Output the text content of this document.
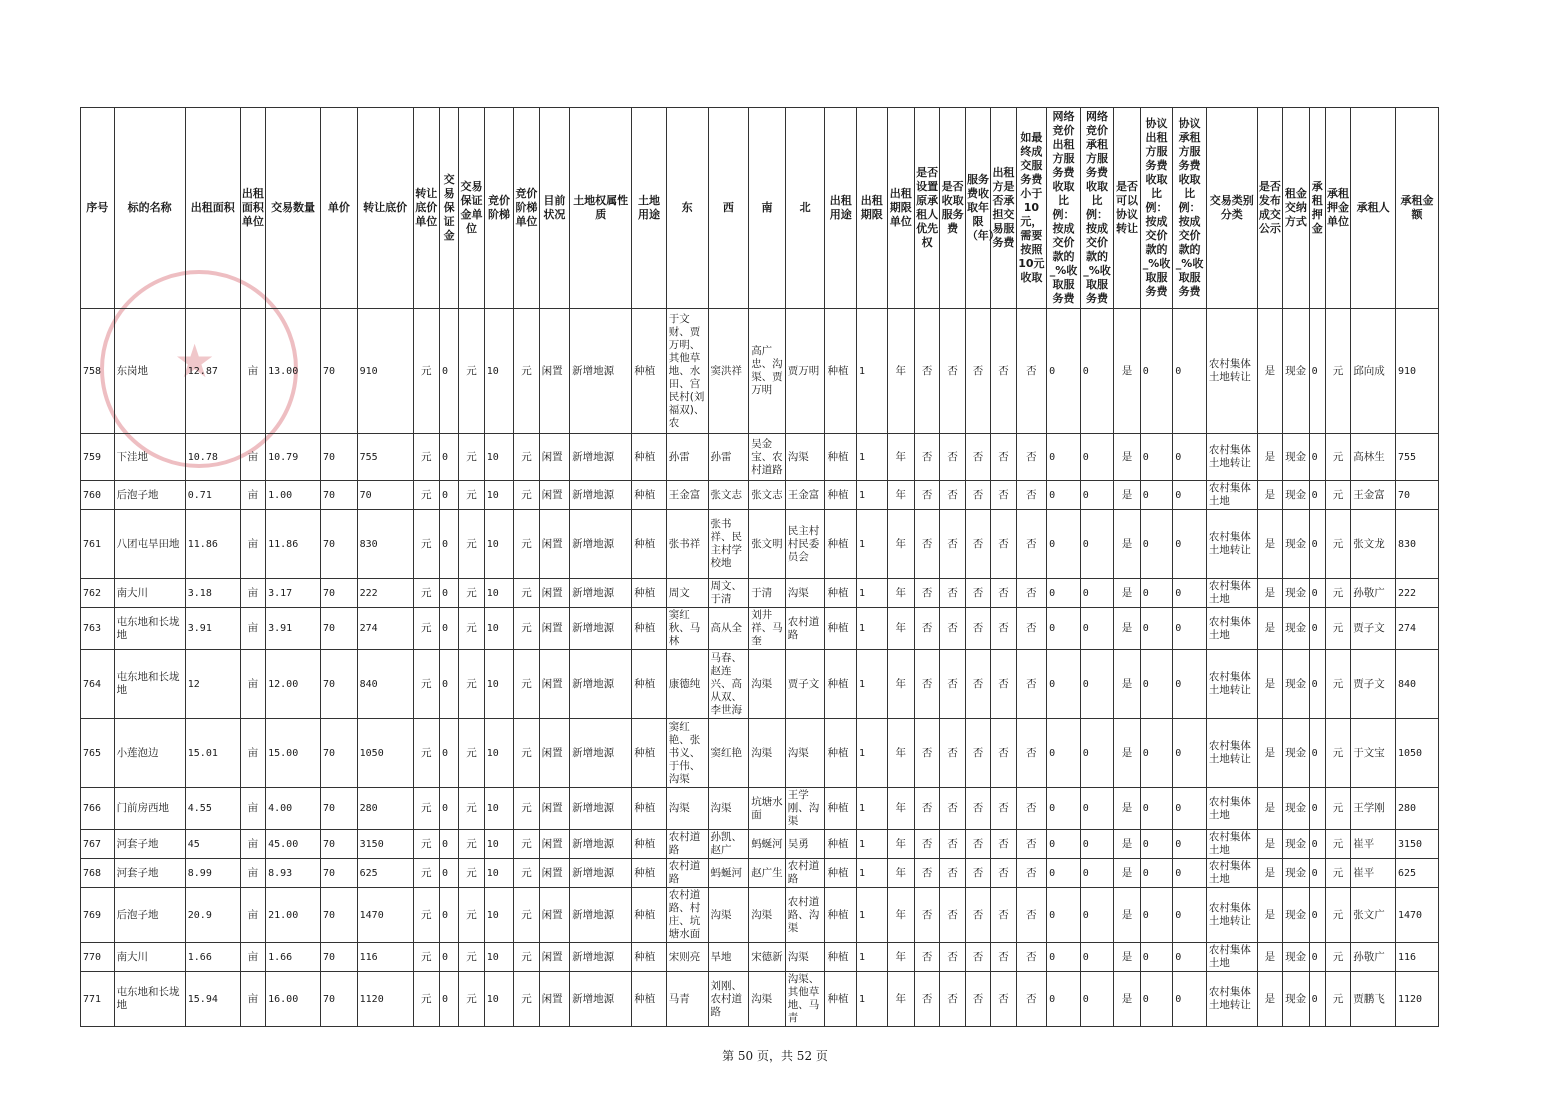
★
序号	标的名称	出租面积	出租面积单位	交易数量	单价	转让底价	转让底价单位	交易保证金	交易保证金单位	竞价阶梯	竞价阶梯单位	目前状况	土地权属性质	土地用途	东	西	南	北	出租用途	出租期限	出租期限单位	是否设置原承租人优先权	是否收取服务费	服务费收取年限（年）	出租方是否承担交易服务费	如最终成交服务费小于10元，需要按照10元收取	网络竞价出租方服务费收取比例：按成交价款的_%收取服务费	网络竞价承租方服务费收取比例：按成交价款的_%收取服务费	是否可以协议转让	协议出租方服务费收取比例：按成交价款的_%收取服务费	协议承租方服务费收取比例：按成交价款的_%收取服务费	交易类别分类	是否发布成交公示	租金交纳方式	承租押金	承租押金单位	承租人	承租金额
758	东岗地	12.87	亩	13.00	70	910	元	0	元	10	元	闲置	新增地源	种植	于文财、贾万明、其他草地、水田、宫民村(刘福双)、农	窦洪祥	高广忠、沟渠、贾万明	贾万明	种植	1	年	否	否	否	否	否	0	0	是	0	0	农村集体土地转让	是	现金	0	元	邱向成	910
759	下洼地	10.78	亩	10.79	70	755	元	0	元	10	元	闲置	新增地源	种植	孙雷	孙雷	吴金宝、农村道路	沟渠	种植	1	年	否	否	否	否	否	0	0	是	0	0	农村集体土地转让	是	现金	0	元	高林生	755
760	后泡子地	0.71	亩	1.00	70	70	元	0	元	10	元	闲置	新增地源	种植	王金富	张文志	张文志	王金富	种植	1	年	否	否	否	否	否	0	0	是	0	0	农村集体土地	是	现金	0	元	王金富	70
761	八团屯旱田地	11.86	亩	11.86	70	830	元	0	元	10	元	闲置	新增地源	种植	张书祥	张书祥、民主村学校地	张文明	民主村村民委员会	种植	1	年	否	否	否	否	否	0	0	是	0	0	农村集体土地转让	是	现金	0	元	张文龙	830
762	南大川	3.18	亩	3.17	70	222	元	0	元	10	元	闲置	新增地源	种植	周文	周文、于清	于清	沟渠	种植	1	年	否	否	否	否	否	0	0	是	0	0	农村集体土地	是	现金	0	元	孙敬广	222
763	屯东地和长垅地	3.91	亩	3.91	70	274	元	0	元	10	元	闲置	新增地源	种植	窦红秋、马林	高从全	刘井祥、马奎	农村道路	种植	1	年	否	否	否	否	否	0	0	是	0	0	农村集体土地	是	现金	0	元	贾子文	274
764	屯东地和长垅地	12	亩	12.00	70	840	元	0	元	10	元	闲置	新增地源	种植	康德纯	马春、赵连兴、高从双、李世海	沟渠	贾子文	种植	1	年	否	否	否	否	否	0	0	是	0	0	农村集体土地转让	是	现金	0	元	贾子文	840
765	小莲泡边	15.01	亩	15.00	70	1050	元	0	元	10	元	闲置	新增地源	种植	窦红艳、张书义、于伟、沟渠	窦红艳	沟渠	沟渠	种植	1	年	否	否	否	否	否	0	0	是	0	0	农村集体土地转让	是	现金	0	元	于文宝	1050
766	门前房西地	4.55	亩	4.00	70	280	元	0	元	10	元	闲置	新增地源	种植	沟渠	沟渠	坑塘水面	王学刚、沟渠	种植	1	年	否	否	否	否	否	0	0	是	0	0	农村集体土地	是	现金	0	元	王学刚	280
767	河套子地	45	亩	45.00	70	3150	元	0	元	10	元	闲置	新增地源	种植	农村道路	孙凯、赵广	蚂蜒河	吴勇	种植	1	年	否	否	否	否	否	0	0	是	0	0	农村集体土地	是	现金	0	元	崔平	3150
768	河套子地	8.99	亩	8.93	70	625	元	0	元	10	元	闲置	新增地源	种植	农村道路	蚂蜒河	赵广生	农村道路	种植	1	年	否	否	否	否	否	0	0	是	0	0	农村集体土地	是	现金	0	元	崔平	625
769	后泡子地	20.9	亩	21.00	70	1470	元	0	元	10	元	闲置	新增地源	种植	农村道路、村庄、坑塘水面	沟渠	沟渠	农村道路、沟渠	种植	1	年	否	否	否	否	否	0	0	是	0	0	农村集体土地转让	是	现金	0	元	张文广	1470
770	南大川	1.66	亩	1.66	70	116	元	0	元	10	元	闲置	新增地源	种植	宋则亮	旱地	宋德新	沟渠	种植	1	年	否	否	否	否	否	0	0	是	0	0	农村集体土地	是	现金	0	元	孙敬广	116
771	屯东地和长垅地	15.94	亩	16.00	70	1120	元	0	元	10	元	闲置	新增地源	种植	马青	刘刚、农村道路	沟渠	沟渠、其他草地、马青	种植	1	年	否	否	否	否	否	0	0	是	0	0	农村集体土地转让	是	现金	0	元	贾鹏飞	1120
第 50 页，共 52 页
